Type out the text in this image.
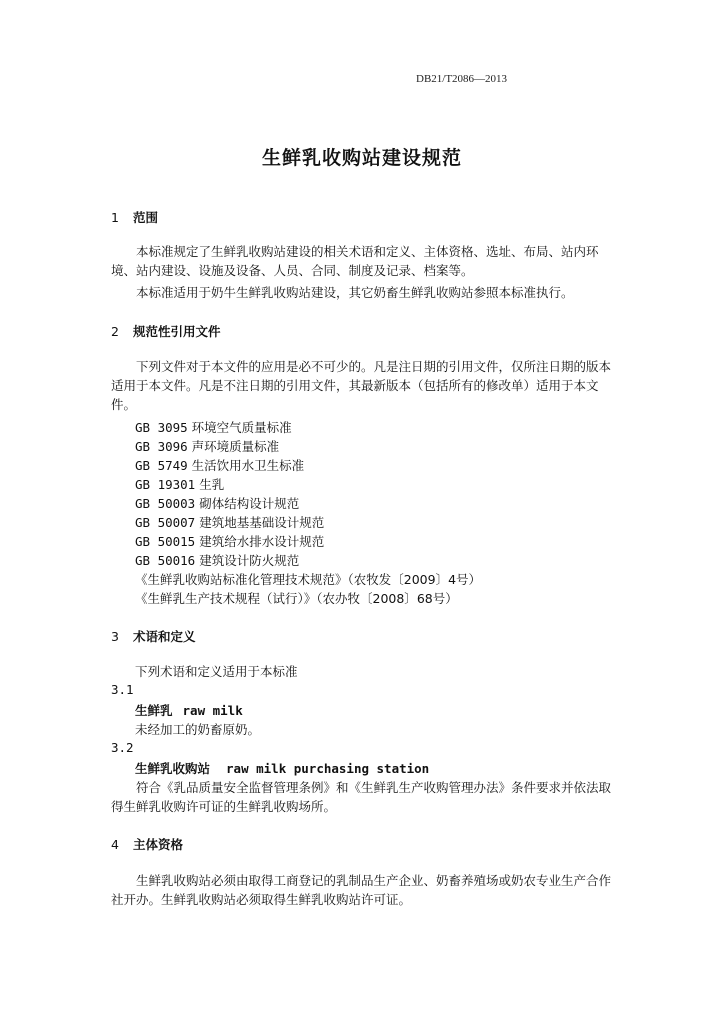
DB21/T2086—2013
生鲜乳收购站建设规范
1 范围
本标准规定了生鲜乳收购站建设的相关术语和定义、主体资格、选址、布局、站内环境、站内建设、设施及设备、人员、合同、制度及记录、档案等。
本标准适用于奶牛生鲜乳收购站建设，其它奶畜生鲜乳收购站参照本标准执行。
2 规范性引用文件
下列文件对于本文件的应用是必不可少的。凡是注日期的引用文件，仅所注日期的版本适用于本文件。凡是不注日期的引用文件，其最新版本（包括所有的修改单）适用于本文件。
GB 3095 环境空气质量标准
GB 3096 声环境质量标准
GB 5749 生活饮用水卫生标准
GB 19301 生乳
GB 50003 砌体结构设计规范
GB 50007 建筑地基基础设计规范
GB 50015 建筑给水排水设计规范
GB 50016 建筑设计防火规范
《生鲜乳收购站标准化管理技术规范》（农牧发〔2009〕4号）
《生鲜乳生产技术规程（试行）》（农办牧〔2008〕68号）
3 术语和定义
下列术语和定义适用于本标准
3.1
生鲜乳 raw milk
未经加工的奶畜原奶。
3.2
生鲜乳收购站 raw milk purchasing station
符合《乳品质量安全监督管理条例》和《生鲜乳生产收购管理办法》条件要求并依法取得生鲜乳收购许可证的生鲜乳收购场所。
4 主体资格
生鲜乳收购站必须由取得工商登记的乳制品生产企业、奶畜养殖场或奶农专业生产合作社开办。生鲜乳收购站必须取得生鲜乳收购站许可证。
